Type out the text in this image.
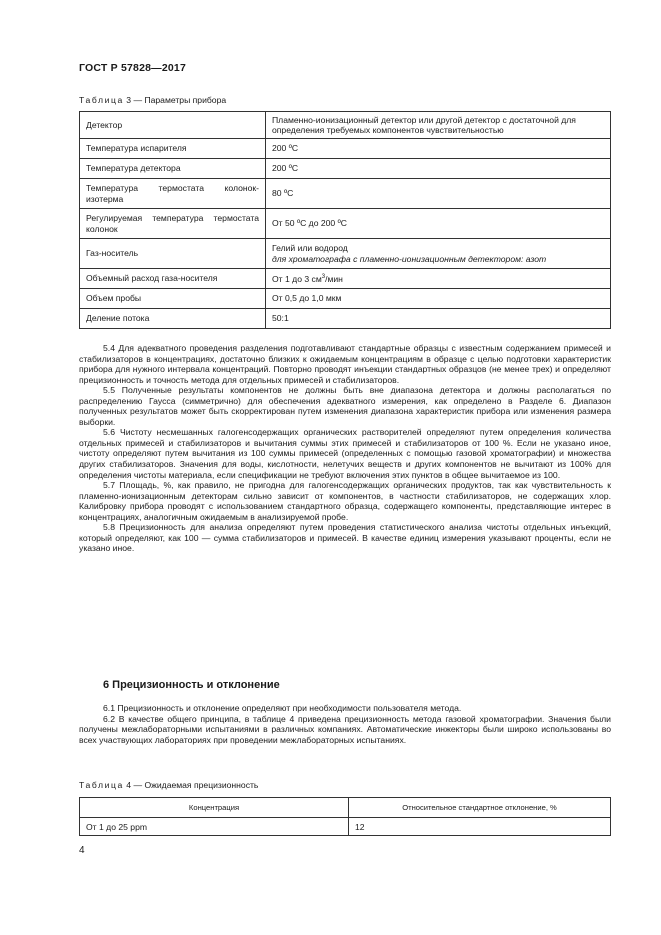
ГОСТ Р 57828—2017
Таблица 3 — Параметры прибора
Детектор	Пламенно-ионизационный детектор или другой детектор с достаточной для определения требуемых компонентов чувствительностью
Температура испарителя	200 ºС
Температура детектора	200 ºС
Температура термостата колонок-изотерма	80 ºС
Регулируемая температура термостата колонок	От 50 ºС до 200 ºС
Газ-носитель	Гелий или водород
для хроматографа с пламенно-ионизационным детектором: азот

Объемный расход газа-носителя	От 1 до 3 $см^3$/мин
Объем пробы	От 0,5 до 1,0 мкм
Деление потока	50:1

5.4 Для адекватного проведения разделения подготавливают стандартные образцы с известным содержанием примесей и стабилизаторов в концентрациях, достаточно близких к ожидаемым концентрациям в образце с целью подготовки характеристик прибора для нужного интервала концентраций. Повторно проводят инъекции стандартных образцов (не менее трех) и определяют прецизионность и точность метода для отдельных примесей и стабилизаторов.

5.5 Полученные результаты компонентов не должны быть вне диапазона детектора и должны располагаться по распределению Гаусса (симметрично) для обеспечения адекватного измерения, как определено в Разделе 6. Диапазон полученных результатов может быть скорректирован путем изменения диапазона характеристик прибора или изменения размера выборки.

5.6 Чистоту несмешанных галогенсодержащих органических растворителей определяют путем определения количества отдельных примесей и стабилизаторов и вычитания суммы этих примесей и стабилизаторов от 100 %. Если не указано иное, чистоту определяют путем вычитания из 100 суммы примесей (определенных с помощью газовой хроматографии) и множества других стабилизаторов. Значения для воды, кислотности, нелетучих веществ и других компонентов не вычитают из 100% для определения чистоты материала, если спецификации не требуют включения этих пунктов в общее вычитаемое из 100.

5.7 Площадь, %, как правило, не пригодна для галогенсодержащих органических продуктов, так как чувствительность к пламенно-ионизационным детекторам сильно зависит от компонентов, в частности стабилизаторов, не содержащих хлор. Калибровку прибора проводят с использованием стандартного образца, содержащего компоненты, представляющие интерес в концентрациях, аналогичным ожидаемым в анализируемой пробе.

5.8 Прецизионность для анализа определяют путем проведения статистического анализа чистоты отдельных инъекций, который определяют, как 100 — сумма стабилизаторов и примесей. В качестве единиц измерения указывают проценты, если не указано иное.

6 Прецизионность и отклонение

6.1 Прецизионность и отклонение определяют при необходимости пользователя метода.

6.2 В качестве общего принципа, в таблице 4 приведена прецизионность метода газовой хроматографии. Значения были получены межлабораторными испытаниями в различных компаниях. Автоматические инжекторы были широко использованы во всех участвующих лабораториях при проведении межлабораторных испытаниях.

Таблица 4 — Ожидаемая прецизионность
Концентрация	Относительное стандартное отклонение, %
От 1 до 25 ppm	12
4
